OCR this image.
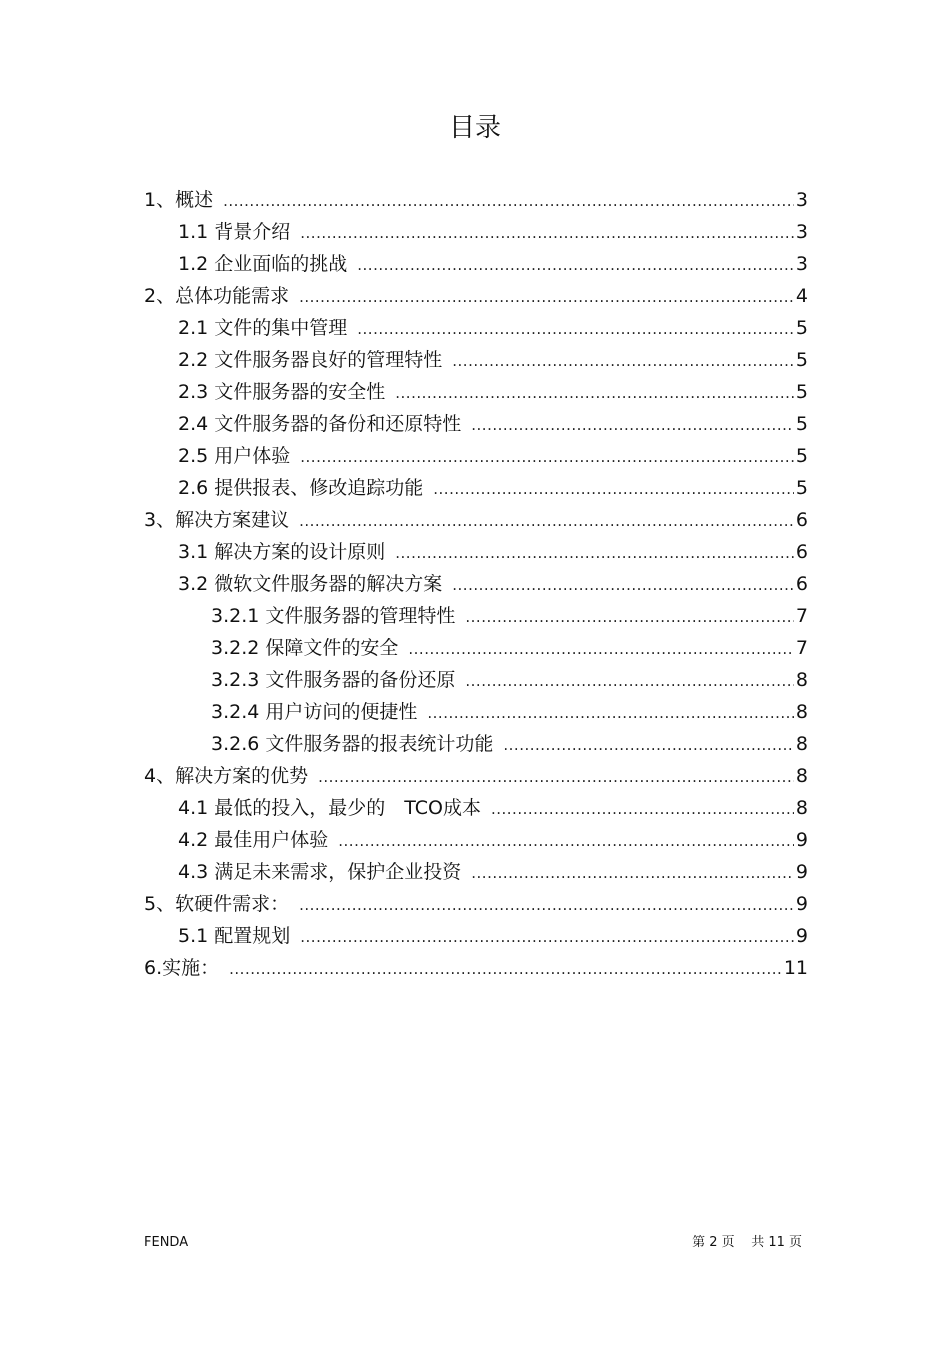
目录
1、概述 .....	3
1.1 背景介绍 .....	3
1.2 企业面临的挑战 .....	3
2、总体功能需求 .....	4
2.1 文件的集中管理 .....	5
2.2 文件服务器良好的管理特性 .....	5
2.3 文件服务器的安全性 .....	5
2.4 文件服务器的备份和还原特性 .....	5
2.5 用户体验 .....	5
2.6 提供报表、修改追踪功能 .....	5
3、解决方案建议 .....	6
3.1 解决方案的设计原则 .....	6
3.2 微软文件服务器的解决方案 .....	6
3.2.1 文件服务器的管理特性 .....	7
3.2.2 保障文件的安全 .....	7
3.2.3 文件服务器的备份还原 .....	8
3.2.4 用户访问的便捷性 .....	8
3.2.6 文件服务器的报表统计功能 .....	8
4、解决方案的优势 .....	8
4.1 最低的投入，最少的　TCO成本 .....	8
4.2 最佳用户体验 .....	9
4.3 满足未来需求，保护企业投资 .....	9
5、软硬件需求： .....	9
5.1 配置规划 .....	9
6.实施： .....	11
FENDA	第 2 页    共 11 页
